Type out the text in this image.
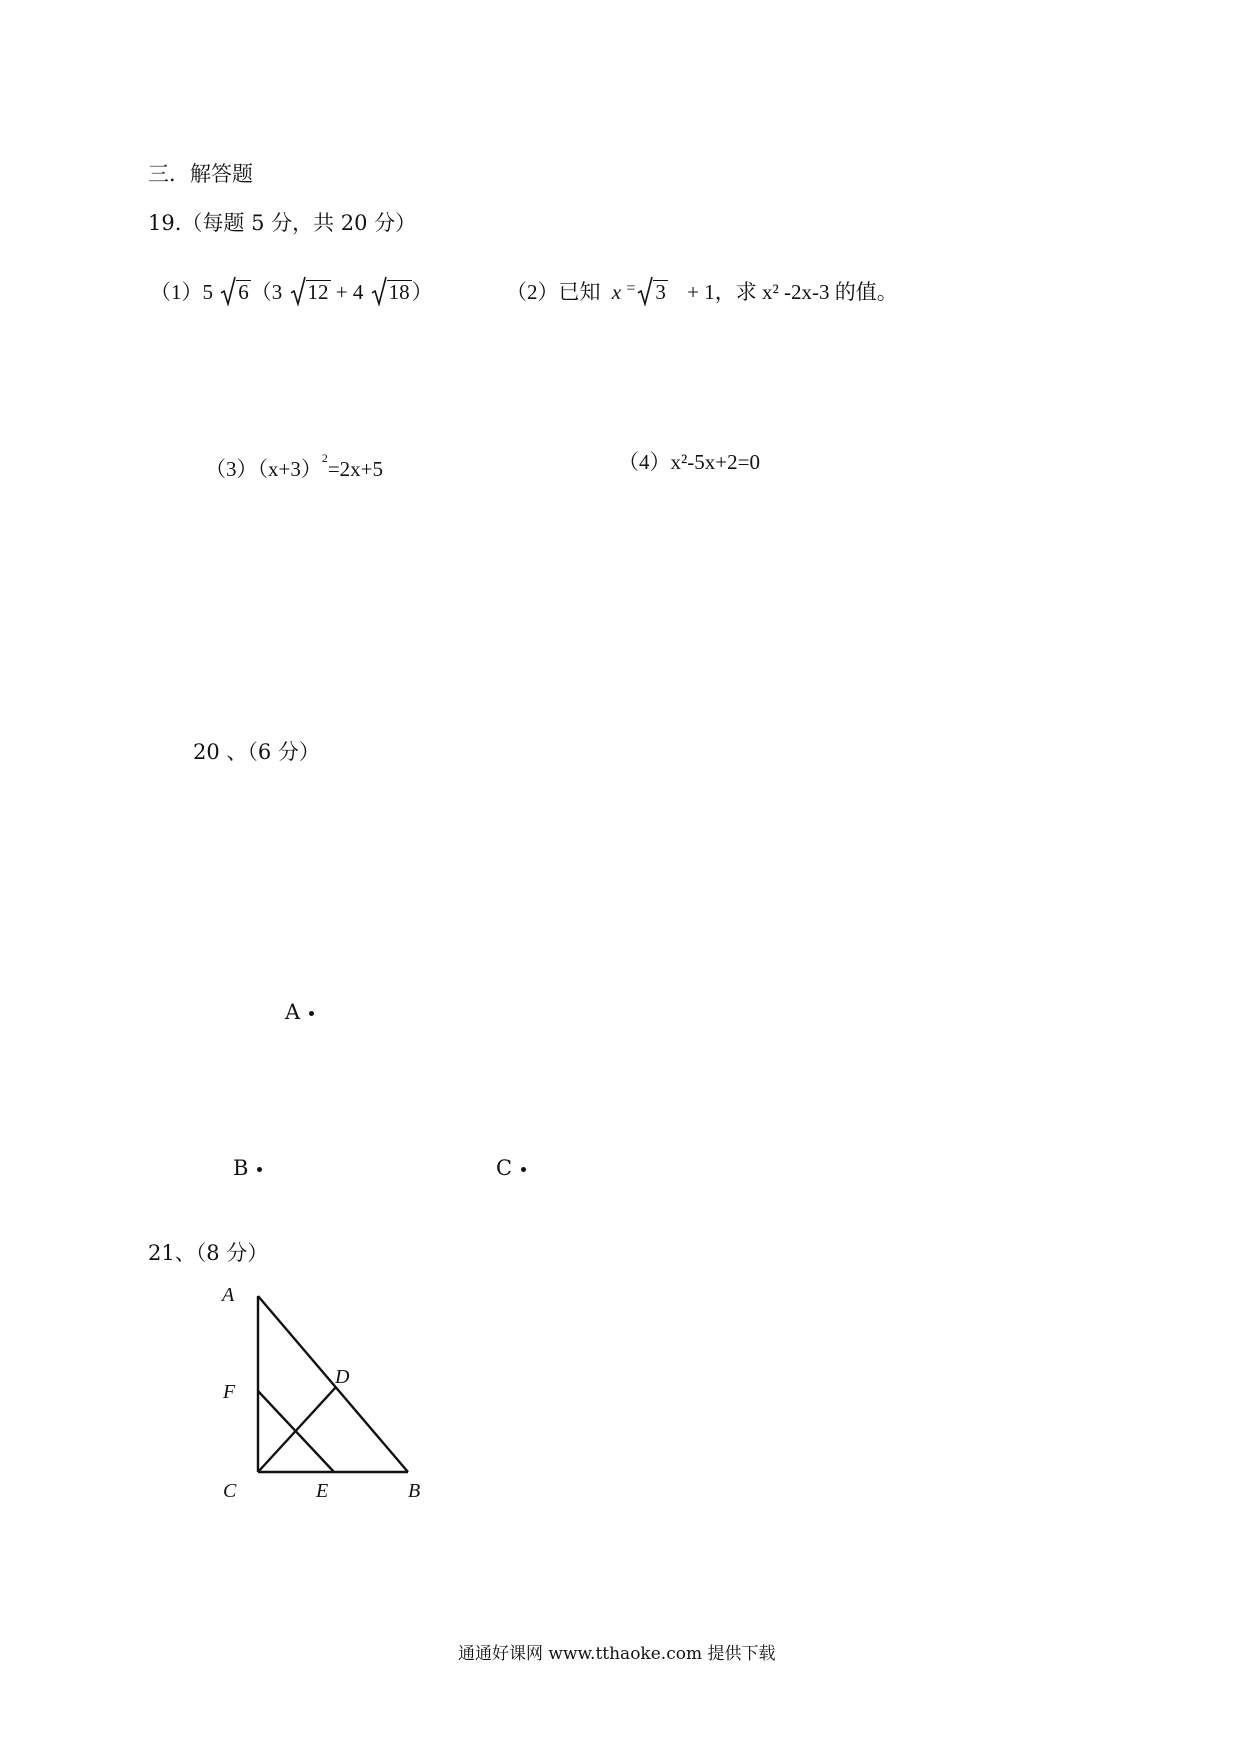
三．解答题
19.（每题 5 分，共 20 分）
（1）5 6（3 12 + 4 18）	（2）已知 x = 3 + 1，求 x² -2x-3 的值。
$(3)(x+3)^2=2x+5$	（4）x²-5x+2=0
20 、（6 分）
A
B	C
21、（8 分）
A
F
D
C	E	B
通通好课网 www.tthaoke.com 提供下载
